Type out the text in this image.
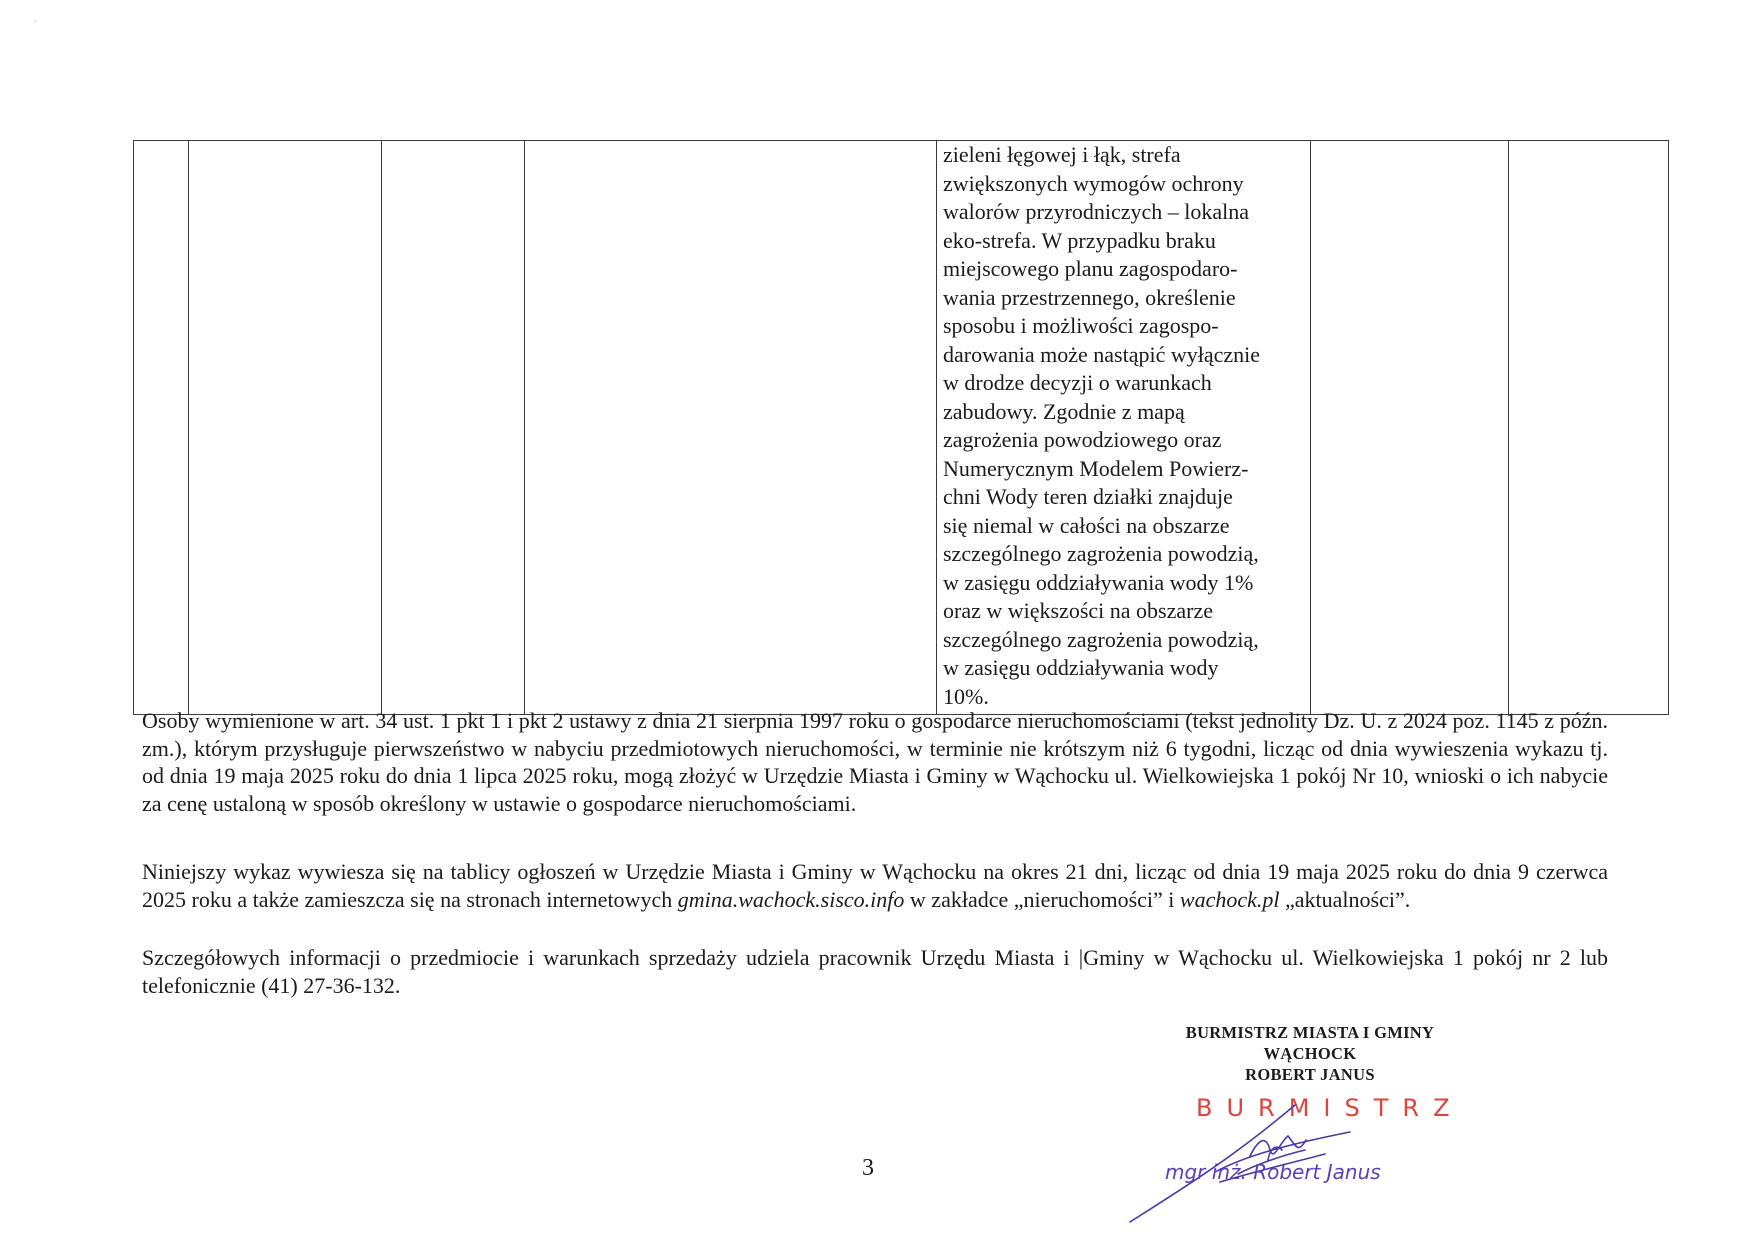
'

zieleni łęgowej i łąk, strefa
zwiększonych wymogów ochrony
walorów przyrodniczych – lokalna
eko-strefa. W przypadku braku
miejscowego planu zagospodaro-
wania przestrzennego, określenie
sposobu i możliwości zagospo-
darowania może nastąpić wyłącznie
w drodze decyzji o warunkach
zabudowy. Zgodnie z mapą
zagrożenia powodziowego oraz
Numerycznym Modelem Powierz-
chni Wody teren działki znajduje
się niemal w całości na obszarze
szczególnego zagrożenia powodzią,
w zasięgu oddziaływania wody 1%
oraz w większości na obszarze
szczególnego zagrożenia powodzią,
w zasięgu oddziaływania wody
10%.

Osoby wymienione w art. 34 ust. 1 pkt 1 i pkt 2 ustawy z dnia 21 sierpnia 1997 roku o gospodarce nieruchomościami (tekst jednolity Dz. U. z 2024 poz. 1145 z późn. zm.), którym przysługuje pierwszeństwo w nabyciu przedmiotowych nieruchomości, w terminie nie krótszym niż 6 tygodni, licząc od dnia wywieszenia wykazu tj. od dnia 19 maja 2025 roku do dnia 1 lipca 2025 roku, mogą złożyć w Urzędzie Miasta i Gminy w Wąchocku ul. Wielkowiejska 1 pokój Nr 10, wnioski o ich nabycie za cenę ustaloną w sposób określony w ustawie o gospodarce nieruchomościami.

Niniejszy wykaz wywiesza się na tablicy ogłoszeń w Urzędzie Miasta i Gminy w Wąchocku na okres 21 dni, licząc od dnia 19 maja 2025 roku do dnia 9 czerwca 2025 roku a także zamieszcza się na stronach internetowych gmina.wachock.sisco.info w zakładce „nieruchomości” i wachock.pl „aktualności”.

Szczegółowych informacji o przedmiocie i warunkach sprzedaży udziela pracownik Urzędu Miasta i |Gminy w Wąchocku ul. Wielkowiejska 1 pokój nr 2 lub telefonicznie (41) 27-36-132.

BURMISTRZ MIASTA I GMINY
WĄCHOCK
ROBERT JANUS
BURMISTRZ
mgr inż. Robert Janus
3
